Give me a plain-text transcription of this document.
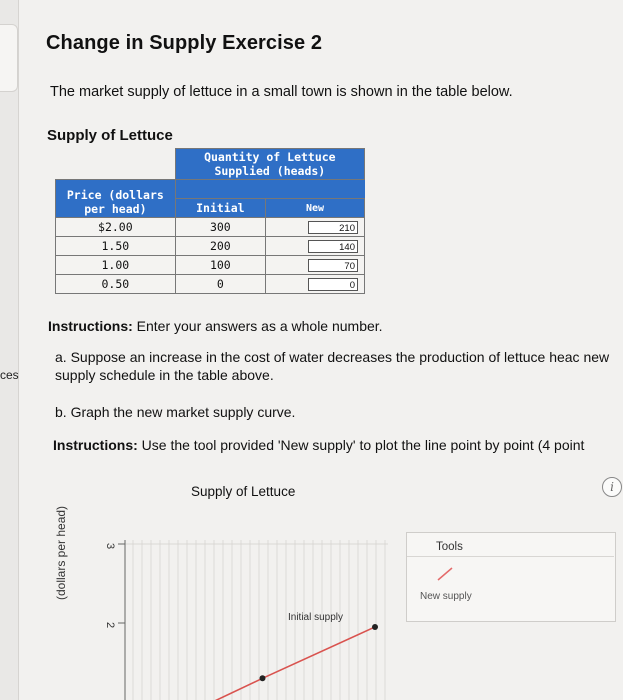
ces
Change in Supply Exercise 2
The market supply of lettuce in a small town is shown in the table below.
Supply of Lettuce
	Quantity of Lettuce Supplied (heads)	
Price (dollars per head)		
	Initial	New
$2.00	300	210
1.50	200	140
1.00	100	70
0.50	0	0
Instructions: Enter your answers as a whole number.
a. Suppose an increase in the cost of water decreases the production of lettuce heac new supply schedule in the table above.
b. Graph the new market supply curve.
Instructions: Use the tool provided 'New supply' to plot the line point by point (4 point
Supply of Lettuce	i
3
2
Initial supply
(dollars per head)	Tools
New supply
